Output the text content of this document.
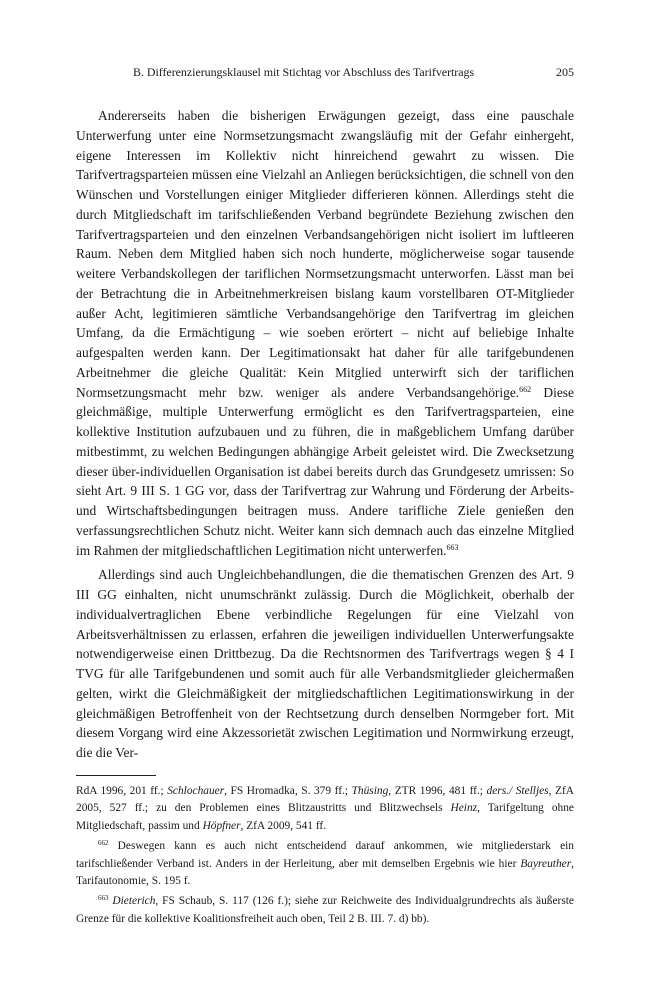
B. Differenzierungsklausel mit Stichtag vor Abschluss des Tarifvertrags	205

Andererseits haben die bisherigen Erwägungen gezeigt, dass eine pauschale Unterwerfung unter eine Normsetzungsmacht zwangsläufig mit der Gefahr einhergeht, eigene Interessen im Kollektiv nicht hinreichend gewahrt zu wissen. Die Tarifvertragsparteien müssen eine Vielzahl an Anliegen berücksichtigen, die schnell von den Wünschen und Vorstellungen einiger Mitglieder differieren können. Allerdings steht die durch Mitgliedschaft im tarifschließenden Verband begründete Beziehung zwischen den Tarifvertragsparteien und den einzelnen Verbandsangehörigen nicht isoliert im luftleeren Raum. Neben dem Mitglied haben sich noch hunderte, möglicherweise sogar tausende weitere Verbandskollegen der tariflichen Normsetzungsmacht unterworfen. Lässt man bei der Betrachtung die in Arbeitnehmerkreisen bislang kaum vorstellbaren OT-Mitglieder außer Acht, legitimieren sämtliche Verbandsangehörige den Tarifvertrag im gleichen Umfang, da die Ermächtigung – wie soeben erörtert – nicht auf beliebige Inhalte aufgespalten werden kann. Der Legitimationsakt hat daher für alle tarifgebundenen Arbeitnehmer die gleiche Qualität: Kein Mitglied unterwirft sich der tariflichen Normsetzungsmacht mehr bzw. weniger als andere Verbandsangehörige.$^{662}$ Diese gleichmäßige, multiple Unterwerfung ermöglicht es den Tarifvertragsparteien, eine kollektive Institution aufzubauen und zu führen, die in maßgeblichem Umfang darüber mitbestimmt, zu welchen Bedingungen abhängige Arbeit geleistet wird. Die Zwecksetzung dieser über-individuellen Organisation ist dabei bereits durch das Grundgesetz umrissen: So sieht Art. 9 III S. 1 GG vor, dass der Tarifvertrag zur Wahrung und Förderung der Arbeits- und Wirtschaftsbedingungen beitragen muss. Andere tarifliche Ziele genießen den verfassungsrechtlichen Schutz nicht. Weiter kann sich demnach auch das einzelne Mitglied im Rahmen der mitgliedschaftlichen Legitimation nicht unterwerfen.$^{663}$

Allerdings sind auch Ungleichbehandlungen, die die thematischen Grenzen des Art. 9 III GG einhalten, nicht unumschränkt zulässig. Durch die Möglichkeit, oberhalb der individualvertraglichen Ebene verbindliche Regelungen für eine Vielzahl von Arbeitsverhältnissen zu erlassen, erfahren die jeweiligen individuellen Unterwerfungsakte notwendigerweise einen Drittbezug. Da die Rechtsnormen des Tarifvertrags wegen § 4 I TVG für alle Tarifgebundenen und somit auch für alle Verbandsmitglieder gleichermaßen gelten, wirkt die Gleichmäßigkeit der mitgliedschaftlichen Legitimationswirkung in der gleichmäßigen Betroffenheit von der Rechtsetzung durch denselben Normgeber fort. Mit diesem Vorgang wird eine Akzessorietät zwischen Legitimation und Normwirkung erzeugt, die die Ver-

RdA 1996, 201 ff.; Schlochauer, FS Hromadka, S. 379 ff.; Thüsing, ZTR 1996, 481 ff.; ders./ Stelljes, ZfA 2005, 527 ff.; zu den Problemen eines Blitzaustritts und Blitzwechsels Heinz, Tarifgeltung ohne Mitgliedschaft, passim und Höpfner, ZfA 2009, 541 ff.

$^{662}$ Deswegen kann es auch nicht entscheidend darauf ankommen, wie mitgliederstark ein tarifschließender Verband ist. Anders in der Herleitung, aber mit demselben Ergebnis wie hier Bayreuther, Tarifautonomie, S. 195 f.

$^{663}$ Dieterich, FS Schaub, S. 117 (126 f.); siehe zur Reichweite des Individualgrundrechts als äußerste Grenze für die kollektive Koalitionsfreiheit auch oben, Teil 2 B. III. 7. d) bb).
